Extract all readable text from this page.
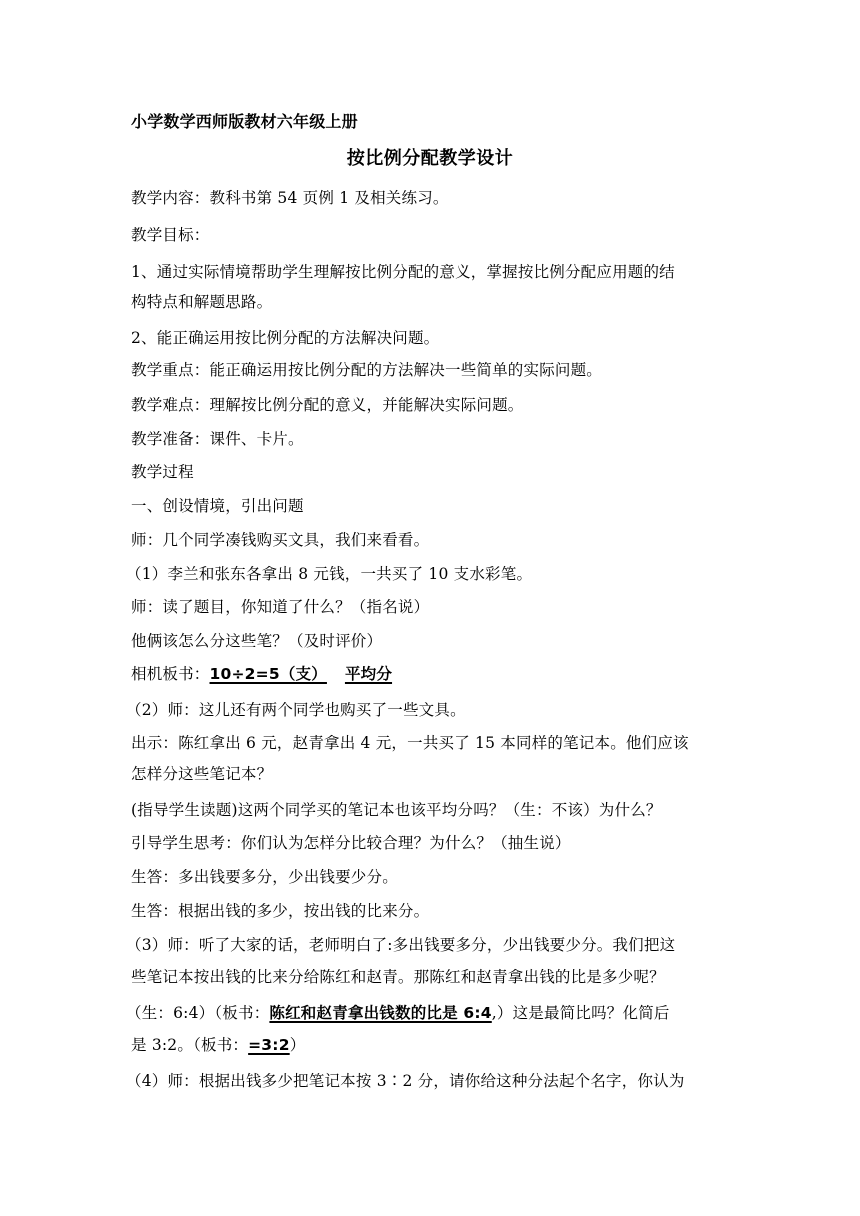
小学数学西师版教材六年级上册
按比例分配教学设计
教学内容：教科书第 54 页例 1 及相关练习。
教学目标：
1、通过实际情境帮助学生理解按比例分配的意义，掌握按比例分配应用题的结
构特点和解题思路。
2、能正确运用按比例分配的方法解决问题。
教学重点：能正确运用按比例分配的方法解决一些简单的实际问题。
教学难点：理解按比例分配的意义，并能解决实际问题。
教学准备：课件、卡片。
教学过程
一、创设情境，引出问题
师：几个同学凑钱购买文具，我们来看看。
（1）李兰和张东各拿出 8 元钱，一共买了 10 支水彩笔。
师：读了题目，你知道了什么？（指名说）
他俩该怎么分这些笔？（及时评价）
相机板书：10÷2=5（支） 平均分
（2）师：这儿还有两个同学也购买了一些文具。
出示：陈红拿出 6 元，赵青拿出 4 元，一共买了 15 本同样的笔记本。他们应该
怎样分这些笔记本？
(指导学生读题)这两个同学买的笔记本也该平均分吗？（生：不该）为什么？
引导学生思考：你们认为怎样分比较合理？为什么？（抽生说）
生答：多出钱要多分，少出钱要少分。
生答：根据出钱的多少，按出钱的比来分。
（3）师：听了大家的话，老师明白了:多出钱要多分，少出钱要少分。我们把这
些笔记本按出钱的比来分给陈红和赵青。那陈红和赵青拿出钱的比是多少呢？
（生：6:4）（板书：陈红和赵青拿出钱数的比是 6:4,）这是最简比吗？化简后
是 3:2。（板书：=3:2）
（4）师：根据出钱多少把笔记本按 3∶2 分，请你给这种分法起个名字，你认为
